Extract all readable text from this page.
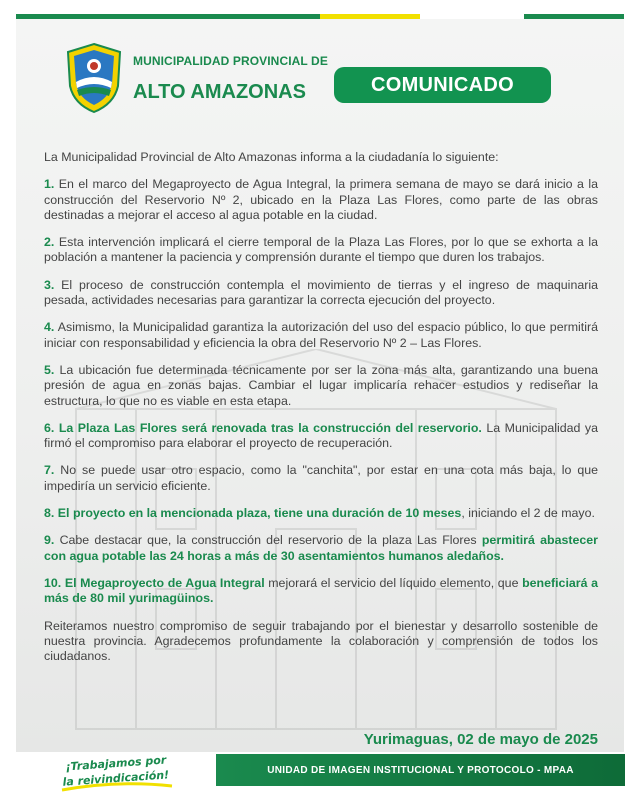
MUNICIPALIDAD PROVINCIAL DE
ALTO AMAZONAS	COMUNICADO

La Municipalidad Provincial de Alto Amazonas informa a la ciudadanía lo siguiente:

1. En el marco del Megaproyecto de Agua Integral, la primera semana de mayo se dará inicio a la construcción del Reservorio Nº 2, ubicado en la Plaza Las Flores, como parte de las obras destinadas a mejorar el acceso al agua potable en la ciudad.

2. Esta intervención implicará el cierre temporal de la Plaza Las Flores, por lo que se exhorta a la población a mantener la paciencia y comprensión durante el tiempo que duren los trabajos.

3. El proceso de construcción contempla el movimiento de tierras y el ingreso de maquinaria pesada, actividades necesarias para garantizar la correcta ejecución del proyecto.

4. Asimismo, la Municipalidad garantiza la autorización del uso del espacio público, lo que permitirá iniciar con responsabilidad y eficiencia la obra del Reservorio Nº 2 – Las Flores.

5. La ubicación fue determinada técnicamente por ser la zona más alta, garantizando una buena presión de agua en zonas bajas. Cambiar el lugar implicaría rehacer estudios y rediseñar la estructura, lo que no es viable en esta etapa.

6. La Plaza Las Flores será renovada tras la construcción del reservorio. La Municipalidad ya firmó el compromiso para elaborar el proyecto de recuperación.

7. No se puede usar otro espacio, como la "canchita", por estar en una cota más baja, lo que impediría un servicio eficiente.

8. El proyecto en la mencionada plaza, tiene una duración de 10 meses, iniciando el 2 de mayo.

9. Cabe destacar que, la construcción del reservorio de la plaza Las Flores permitirá abastecer con agua potable las 24 horas a más de 30 asentamientos humanos aledaños.

10. El Megaproyecto de Agua Integral mejorará el servicio del líquido elemento, que beneficiará a más de 80 mil yurimagüinos.

Reiteramos nuestro compromiso de seguir trabajando por el bienestar y desarrollo sostenible de nuestra provincia. Agradecemos profundamente la colaboración y comprensión de todos los ciudadanos.

Yurimaguas, 02 de mayo de 2025
¡Trabajamos por
la reivindicación!	UNIDAD DE IMAGEN INSTITUCIONAL Y PROTOCOLO -
MPAA
